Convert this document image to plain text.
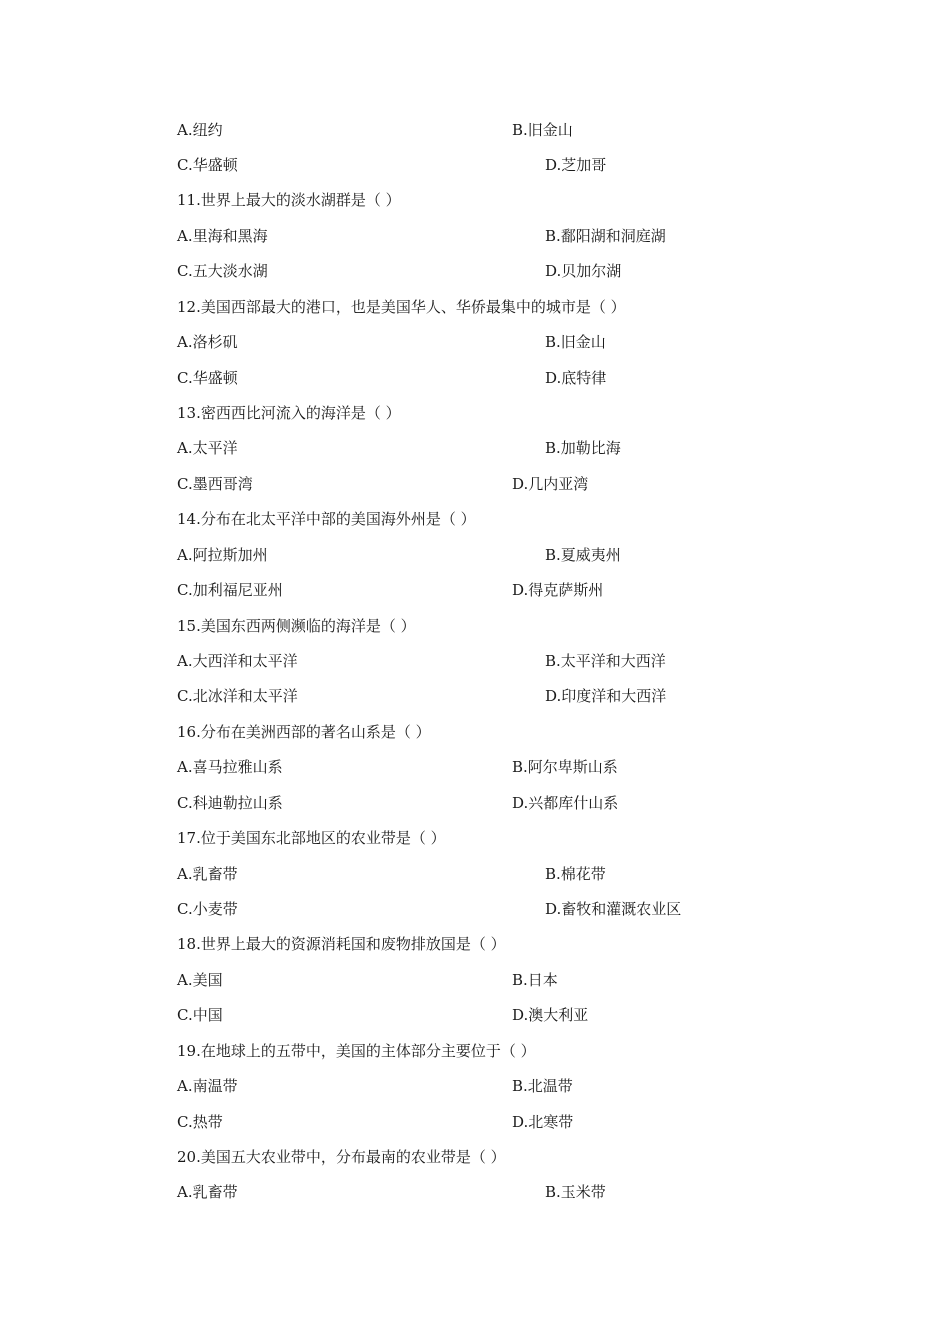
A.纽约	B.旧金山
C.华盛顿	D.芝加哥
11.世界上最大的淡水湖群是（ ）
A.里海和黑海	B.鄱阳湖和洞庭湖
C.五大淡水湖	D.贝加尔湖
12.美国西部最大的港口，也是美国华人、华侨最集中的城市是（ ）
A.洛杉矶	B.旧金山
C.华盛顿	D.底特律
13.密西西比河流入的海洋是（ ）
A.太平洋	B.加勒比海
C.墨西哥湾	D.几内亚湾
14.分布在北太平洋中部的美国海外州是（ ）
A.阿拉斯加州	B.夏威夷州
C.加利福尼亚州	D.得克萨斯州
15.美国东西两侧濒临的海洋是（ ）
A.大西洋和太平洋	B.太平洋和大西洋
C.北冰洋和太平洋	D.印度洋和大西洋
16.分布在美洲西部的著名山系是（ ）
A.喜马拉雅山系	B.阿尔卑斯山系
C.科迪勒拉山系	D.兴都库什山系
17.位于美国东北部地区的农业带是（ ）
A.乳畜带	B.棉花带
C.小麦带	D.畜牧和灌溉农业区
18.世界上最大的资源消耗国和废物排放国是（ ）
A.美国	B.日本
C.中国	D.澳大利亚
19.在地球上的五带中，美国的主体部分主要位于（ ）
A.南温带	B.北温带
C.热带	D.北寒带
20.美国五大农业带中，分布最南的农业带是（ ）
A.乳畜带	B.玉米带
